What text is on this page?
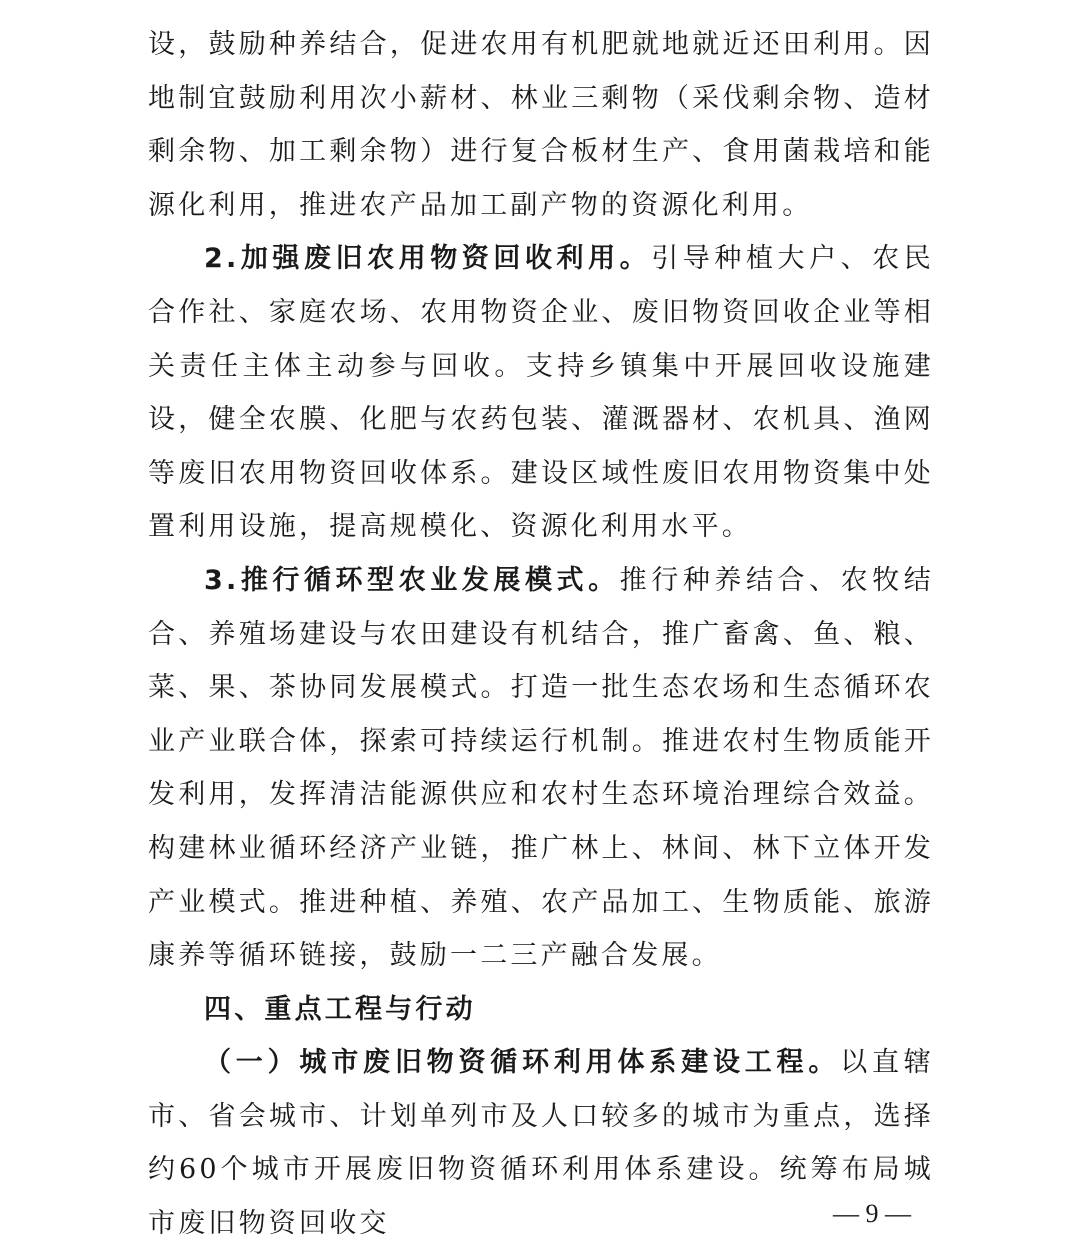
设，鼓励种养结合，促进农用有机肥就地就近还田利用。因地制宜鼓励利用次小薪材、林业三剩物（采伐剩余物、造材剩余物、加工剩余物）进行复合板材生产、食用菌栽培和能源化利用，推进农产品加工副产物的资源化利用。

2.加强废旧农用物资回收利用。引导种植大户、农民合作社、家庭农场、农用物资企业、废旧物资回收企业等相关责任主体主动参与回收。支持乡镇集中开展回收设施建设，健全农膜、化肥与农药包装、灌溉器材、农机具、渔网等废旧农用物资回收体系。建设区域性废旧农用物资集中处置利用设施，提高规模化、资源化利用水平。

3.推行循环型农业发展模式。推行种养结合、农牧结合、养殖场建设与农田建设有机结合，推广畜禽、鱼、粮、菜、果、茶协同发展模式。打造一批生态农场和生态循环农业产业联合体，探索可持续运行机制。推进农村生物质能开发利用，发挥清洁能源供应和农村生态环境治理综合效益。构建林业循环经济产业链，推广林上、林间、林下立体开发产业模式。推进种植、养殖、农产品加工、生物质能、旅游康养等循环链接，鼓励一二三产融合发展。

四、重点工程与行动

（一）城市废旧物资循环利用体系建设工程。以直辖市、省会城市、计划单列市及人口较多的城市为重点，选择约60个城市开展废旧物资循环利用体系建设。统筹布局城市废旧物资回收交	— 9 —
